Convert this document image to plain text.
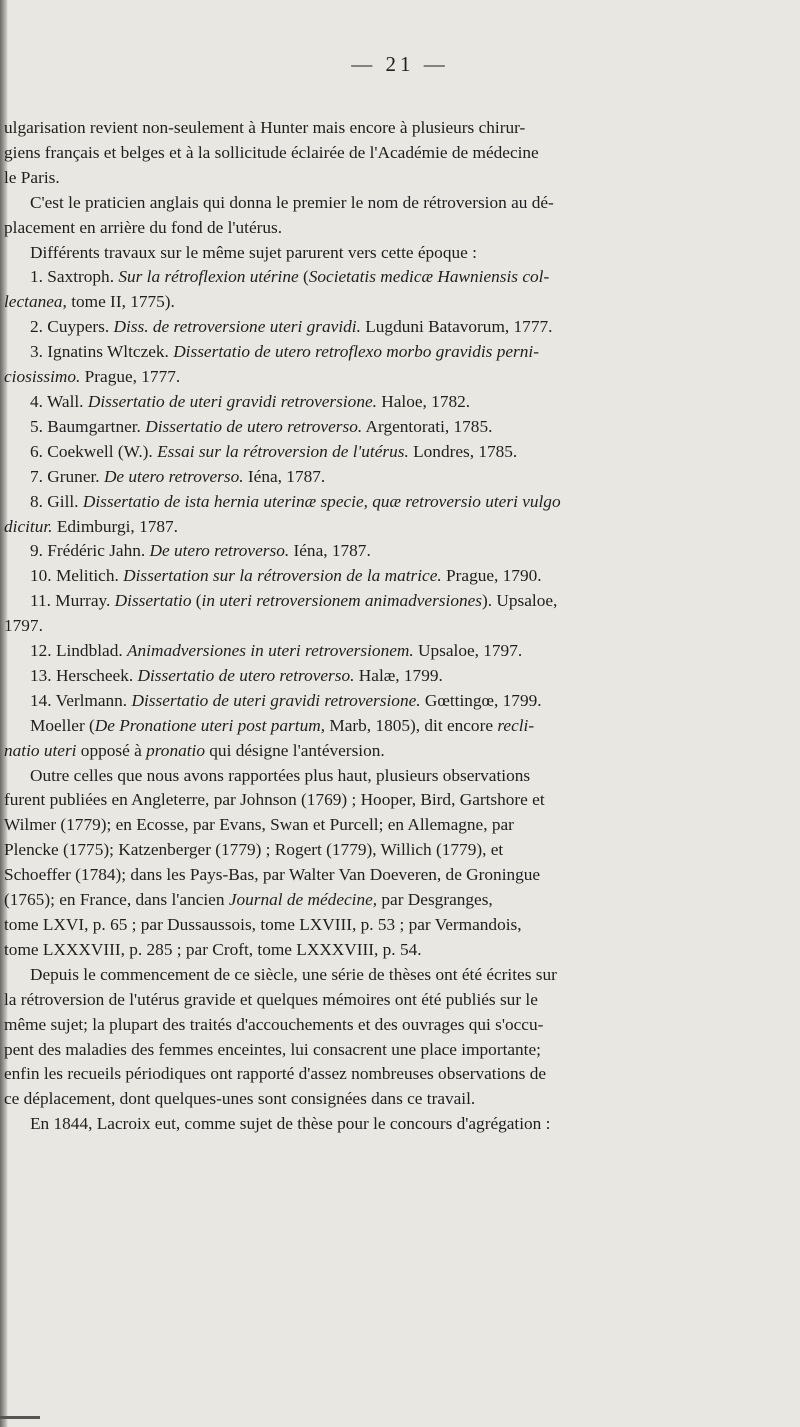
— 21 —

ulgarisation revient non-seulement à Hunter mais encore à plusieurs chirur-
giens français et belges et à la sollicitude éclairée de l'Académie de médecine
le Paris.

C'est le praticien anglais qui donna le premier le nom de rétroversion au dé-
placement en arrière du fond de l'utérus.

Différents travaux sur le même sujet parurent vers cette époque :

1. Saxtroph. Sur la rétroflexion utérine (Societatis medicæ Hawniensis col-

lectanea, tome II, 1775).

2. Cuypers. Diss. de retroversione uteri gravidi. Lugduni Batavorum, 1777.

3. Ignatins Wltczek. Dissertatio de utero retroflexo morbo gravidis perni-

ciosissimo. Prague, 1777.

4. Wall. Dissertatio de uteri gravidi retroversione. Haloe, 1782.

5. Baumgartner. Dissertatio de utero retroverso. Argentorati, 1785.

6. Coekwell (W.). Essai sur la rétroversion de l'utérus. Londres, 1785.

7. Gruner. De utero retroverso. Iéna, 1787.

8. Gill. Dissertatio de ista hernia uterinæ specie, quæ retroversio uteri vulgo

dicitur. Edimburgi, 1787.

9. Frédéric Jahn. De utero retroverso. Iéna, 1787.

10. Melitich. Dissertation sur la rétroversion de la matrice. Prague, 1790.

11. Murray. Dissertatio (in uteri retroversionem animadversiones). Upsaloe,

1797.

12. Lindblad. Animadversiones in uteri retroversionem. Upsaloe, 1797.

13. Herscheek. Dissertatio de utero retroverso. Halæ, 1799.

14. Verlmann. Dissertatio de uteri gravidi retroversione. Gœttingœ, 1799.

Moeller (De Pronatione uteri post partum, Marb, 1805), dit encore recli-
natio uteri opposé à pronatio qui désigne l'antéversion.

Outre celles que nous avons rapportées plus haut, plusieurs observations
furent publiées en Angleterre, par Johnson (1769) ; Hooper, Bird, Gartshore et
Wilmer (1779); en Ecosse, par Evans, Swan et Purcell; en Allemagne, par
Plencke (1775); Katzenberger (1779) ; Rogert (1779), Willich (1779), et
Schoeffer (1784); dans les Pays-Bas, par Walter Van Doeveren, de Groningue
(1765); en France, dans l'ancien Journal de médecine, par Desgranges,
tome LXVI, p. 65 ; par Dussaussois, tome LXVIII, p. 53 ; par Vermandois,
tome LXXXVIII, p. 285 ; par Croft, tome LXXXVIII, p. 54.

Depuis le commencement de ce siècle, une série de thèses ont été écrites sur
la rétroversion de l'utérus gravide et quelques mémoires ont été publiés sur le
même sujet; la plupart des traités d'accouchements et des ouvrages qui s'occu-
pent des maladies des femmes enceintes, lui consacrent une place importante;
enfin les recueils périodiques ont rapporté d'assez nombreuses observations de
ce déplacement, dont quelques-unes sont consignées dans ce travail.

En 1844, Lacroix eut, comme sujet de thèse pour le concours d'agrégation :
